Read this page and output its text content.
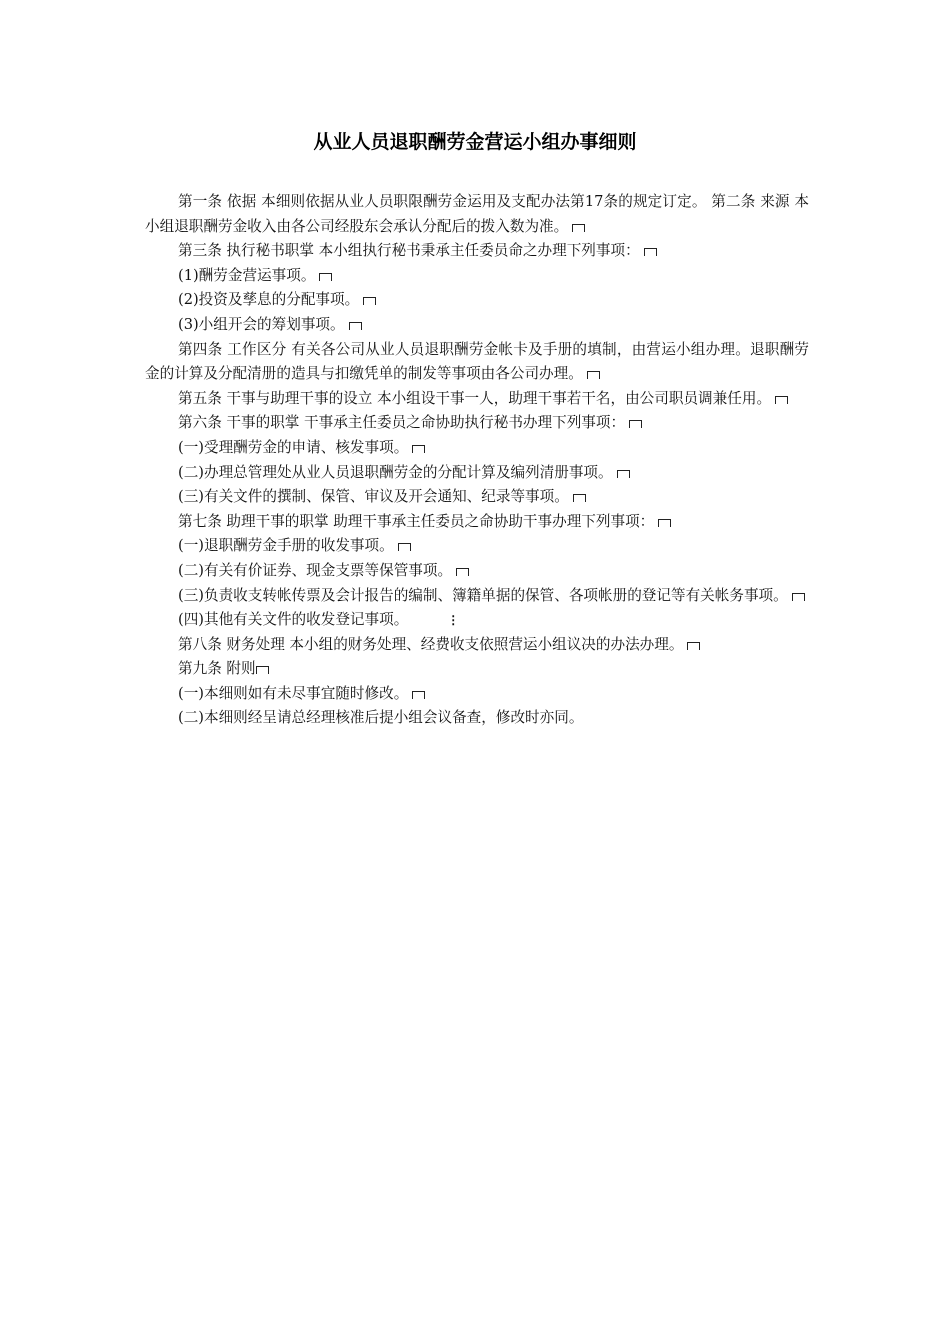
从业人员退职酬劳金营运小组办事细则

第一条 依据 本细则依据从业人员职限酬劳金运用及支配办法第17条的规定订定。 第二条 来源 本小组退职酬劳金收入由各公司经股东会承认分配后的拨入数为准。

第三条 执行秘书职掌 本小组执行秘书秉承主任委员命之办理下列事项：

(1)酬劳金营运事项。

(2)投资及孳息的分配事项。

(3)小组开会的筹划事项。

第四条 工作区分 有关各公司从业人员退职酬劳金帐卡及手册的填制，由营运小组办理。退职酬劳金的计算及分配清册的造具与扣缴凭单的制发等事项由各公司办理。

第五条 干事与助理干事的设立 本小组设干事一人，助理干事若干名，由公司职员调兼任用。

第六条 干事的职掌 干事承主任委员之命协助执行秘书办理下列事项：

(一)受理酬劳金的申请、核发事项。

(二)办理总管理处从业人员退职酬劳金的分配计算及编列清册事项。

(三)有关文件的撰制、保管、审议及开会通知、纪录等事项。

第七条 助理干事的职掌 助理干事承主任委员之命协助干事办理下列事项：

(一)退职酬劳金手册的收发事项。

(二)有关有价证券、现金支票等保管事项。

(三)负责收支转帐传票及会计报告的编制、簿籍单据的保管、各项帐册的登记等有关帐务事项。

(四)其他有关文件的收发登记事项。	⋮

第八条 财务处理 本小组的财务处理、经费收支依照营运小组议决的办法办理。

第九条 附则

(一)本细则如有未尽事宜随时修改。

(二)本细则经呈请总经理核准后提小组会议备查，修改时亦同。
